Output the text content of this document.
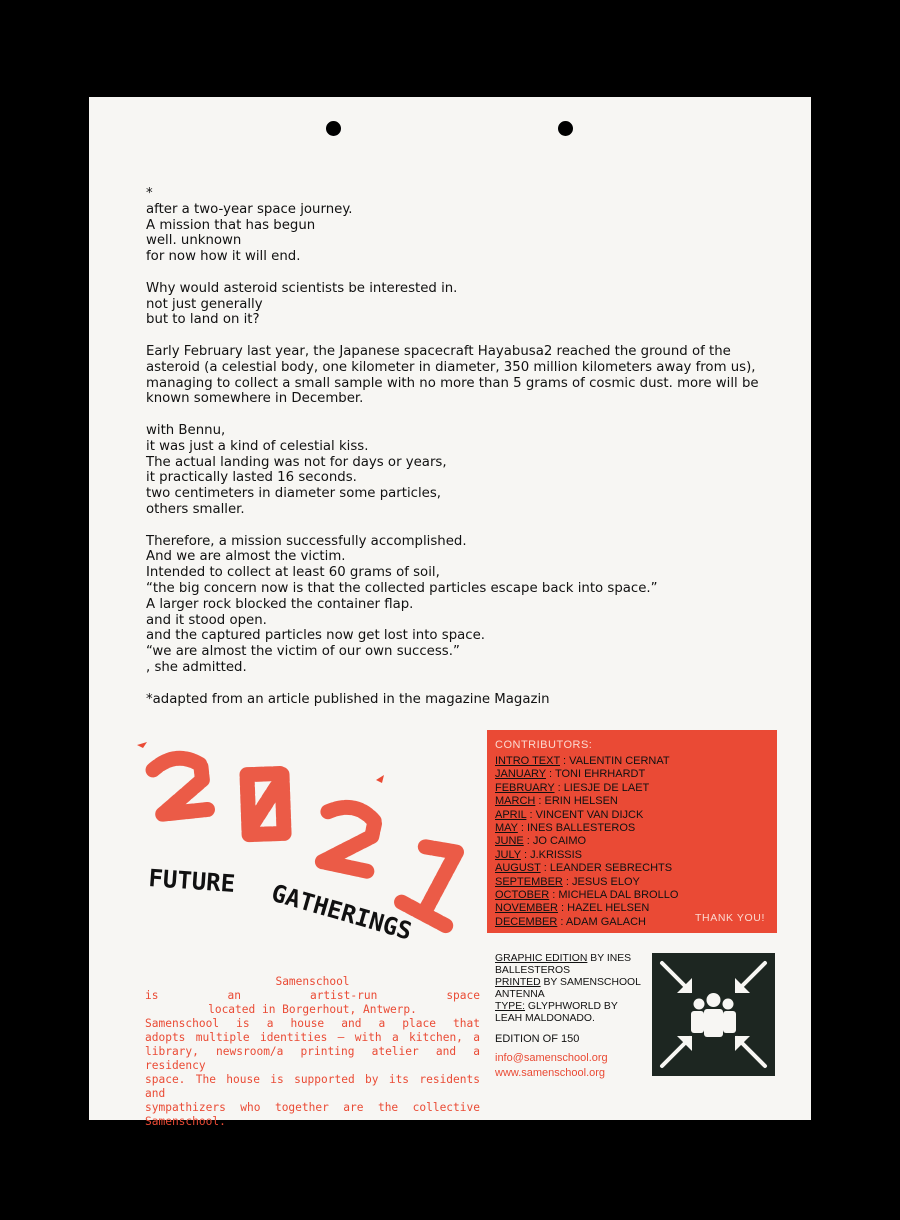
*
after a two-year space journey.
A mission that has begun
well. unknown
for now how it will end.
Why would asteroid scientists be interested in.
not just generally
but to land on it?
Early February last year, the Japanese spacecraft Hayabusa2 reached the ground of the asteroid (a celestial body, one kilometer in diameter, 350 million kilometers away from us), managing to collect a small sample with no more than 5 grams of cosmic dust. more will be known somewhere in December.
with Bennu,
it was just a kind of celestial kiss.
The actual landing was not for days or years,
it practically lasted 16 seconds.
two centimeters in diameter some particles,
others smaller.
Therefore, a mission successfully accomplished.
And we are almost the victim.
Intended to collect at least 60 grams of soil,
“the big concern now is that the collected particles escape back into space.”
A larger rock blocked the container flap.
and it stood open.
and the captured particles now get lost into space.
“we are almost the victim of our own success.”
, she admitted.
*adapted from an article published in the magazine Magazin
FUTURE GATHERINGS
CONTRIBUTORS:
INTRO TEXT : VALENTIN CERNAT
JANUARY : TONI EHRHARDT
FEBRUARY : LIESJE DE LAET
MARCH : ERIN HELSEN
APRIL : VINCENT VAN DIJCK
MAY : INES BALLESTEROS
JUNE : JO CAIMO
JULY : J.KRISSIS
AUGUST : LEANDER SEBRECHTS
SEPTEMBER : JESUS ELOY
OCTOBER : MICHELA DAL BROLLO
NOVEMBER : HAZEL HELSEN
DECEMBER : ADAM GALACH	THANK YOU!
GRAPHIC EDITION BY INES BALLESTEROS
PRINTED BY SAMENSCHOOL ANTENNA
TYPE: GLYPHWORLD BY LEAH MALDONADO.
EDITION OF 150
info@samenschool.org
www.samenschool.org
Samenschool
is an artist-run space
located in Borgerhout, Antwerp.
Samenschool is a house and a place that
adopts multiple identities – with a kitchen, a
library, newsroom/a printing atelier and a residency
space. The house is supported by its residents and
sympathizers who together are the collective Samenschool.
